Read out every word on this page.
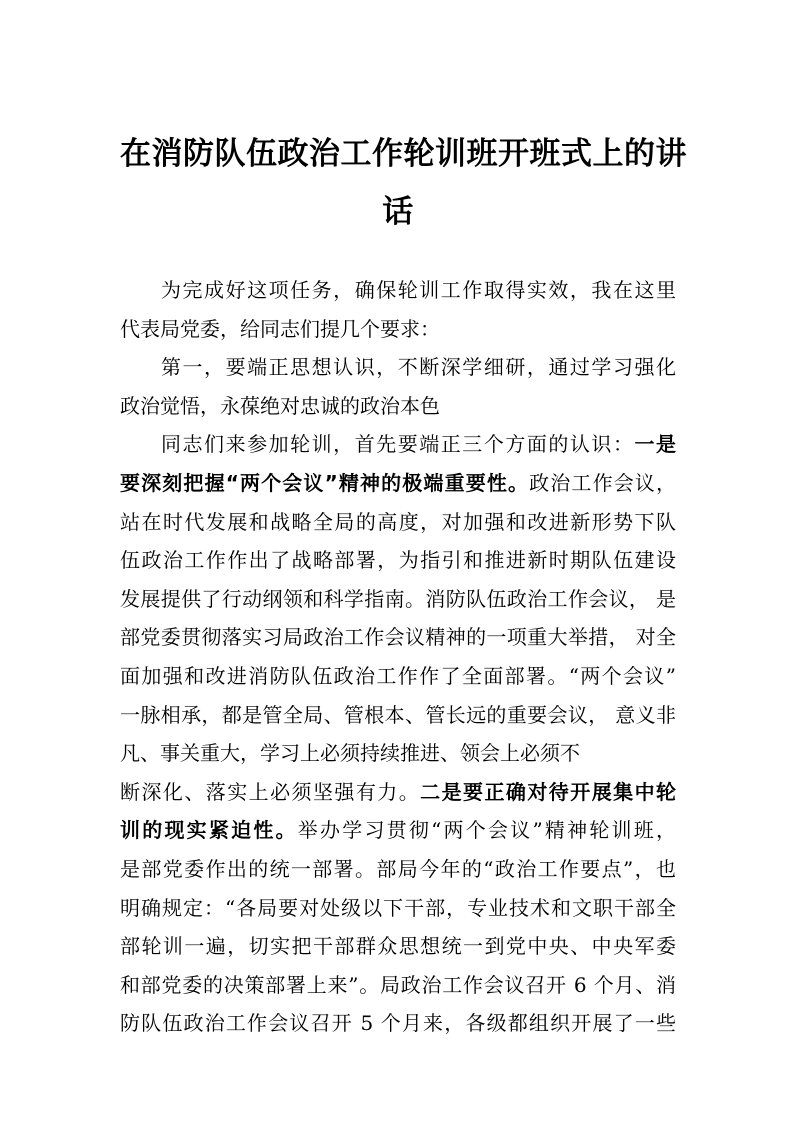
在消防队伍政治工作轮训班开班式上的讲
话
为完成好这项任务，确保轮训工作取得实效，我在这里
代表局党委，给同志们提几个要求：
第一，要端正思想认识，不断深学细研，通过学习强化
政治觉悟，永葆绝对忠诚的政治本色
同志们来参加轮训，首先要端正三个方面的认识：一是
要深刻把握“两个会议”精神的极端重要性。政治工作会议，
站在时代发展和战略全局的高度，对加强和改进新形势下队
伍政治工作作出了战略部署，为指引和推进新时期队伍建设
发展提供了行动纲领和科学指南。消防队伍政治工作会议， 是
部党委贯彻落实习局政治工作会议精神的一项重大举措， 对全
面加强和改进消防队伍政治工作作了全面部署。“两个会议”
一脉相承，都是管全局、管根本、管长远的重要会议， 意义非
凡、事关重大，学习上必须持续推进、领会上必须不
断深化、落实上必须坚强有力。二是要正确对待开展集中轮
训的现实紧迫性。举办学习贯彻“两个会议”精神轮训班，
是部党委作出的统一部署。部局今年的“政治工作要点”，也
明确规定：“各局要对处级以下干部，专业技术和文职干部全
部轮训一遍，切实把干部群众思想统一到党中央、中央军委
和部党委的决策部署上来”。局政治工作会议召开 6 个月、消
防队伍政治工作会议召开 5 个月来，各级都组织开展了一些
